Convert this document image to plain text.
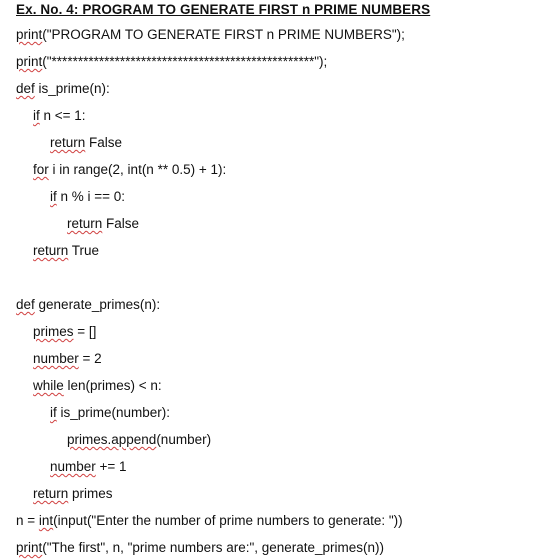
Ex. No. 4: PROGRAM TO GENERATE FIRST n PRIME NUMBERS
print("PROGRAM TO GENERATE FIRST n PRIME NUMBERS");
print("**************************************************");
def is_prime(n):
if n <= 1:
return False
for i in range(2, int(n ** 0.5) + 1):
if n % i == 0:
return False
return True
def generate_primes(n):
primes = []
number = 2
while len(primes) < n:
if is_prime(number):
primes.append(number)
number += 1
return primes
n = int(input("Enter the number of prime numbers to generate: "))
print("The first", n, "prime numbers are:", generate_primes(n))
